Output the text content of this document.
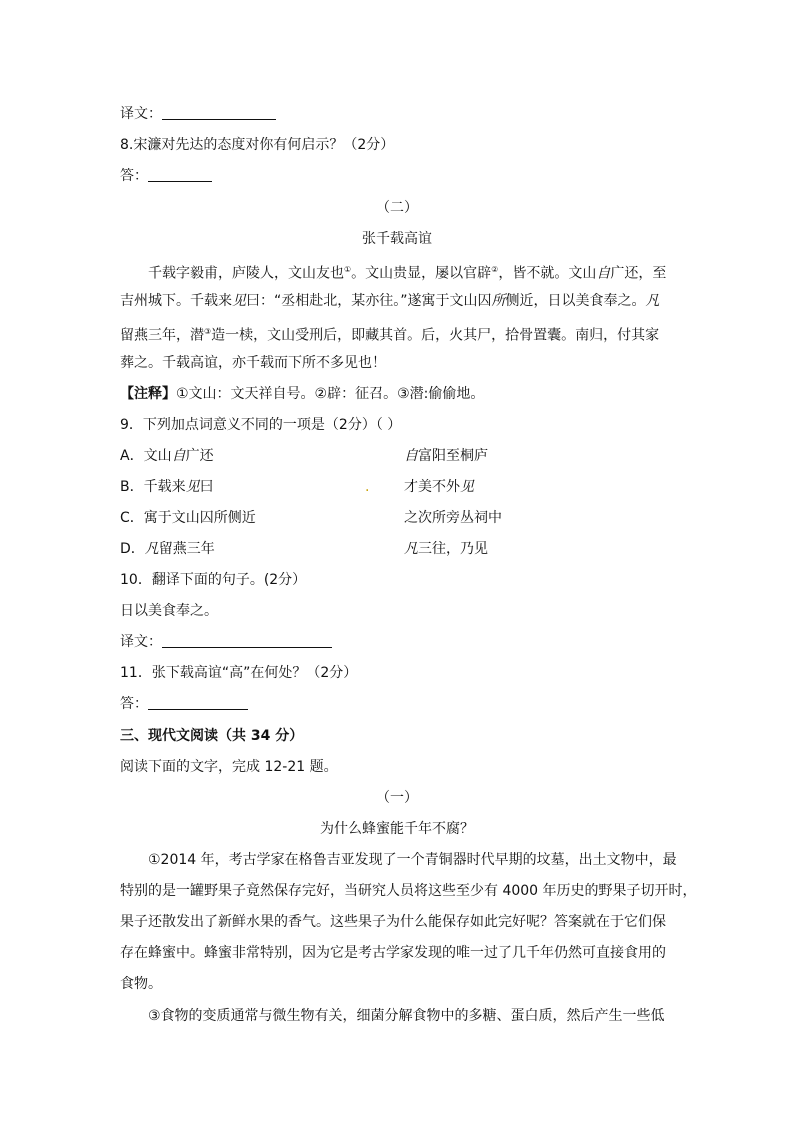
译文：
8.宋濂对先达的态度对你有何启示？（2分）
答：
（二）
张千载高谊
千载字毅甫，庐陵人，文山友也①。文山贵显，屡以官辟②，皆不就。文山自广还，至
吉州城下。千载来见曰：“丞相赴北，某亦往。”遂寓于文山囚所侧近，日以美食奉之。凡
留燕三年，潜③造一椟，文山受刑后，即藏其首。后，火其尸，拾骨置囊。南归，付其家
葬之。千载高谊，亦千载而下所不多见也！
【注释】①文山：文天祥自号。②辟：征召。③潜:偷偷地。
9．下列加点词意义不同的一项是（2分）（ ）
A．文山自广还	自富阳至桐庐
B．千载来见曰	. 才美不外见
C．寓于文山囚所侧近	之次所旁丛祠中
D．凡留燕三年	凡三往，乃见
10．翻译下面的句子。(2分）
日以美食奉之。
译文：
11．张下载高谊“高”在何处？（2分）
答：
三、现代文阅读（共 34 分）
阅读下面的文字，完成 12-21 题。
（一）
为什么蜂蜜能千年不腐？
①2014 年，考古学家在格鲁吉亚发现了一个青铜器时代早期的坟墓，出土文物中，最
特别的是一罐野果子竟然保存完好，当研究人员将这些至少有 4000 年历史的野果子切开时，
果子还散发出了新鲜水果的香气。这些果子为什么能保存如此完好呢？答案就在于它们保
存在蜂蜜中。蜂蜜非常特别，因为它是考古学家发现的唯一过了几千年仍然可直接食用的
食物。
③食物的变质通常与微生物有关，细菌分解食物中的多糖、蛋白质，然后产生一些低
